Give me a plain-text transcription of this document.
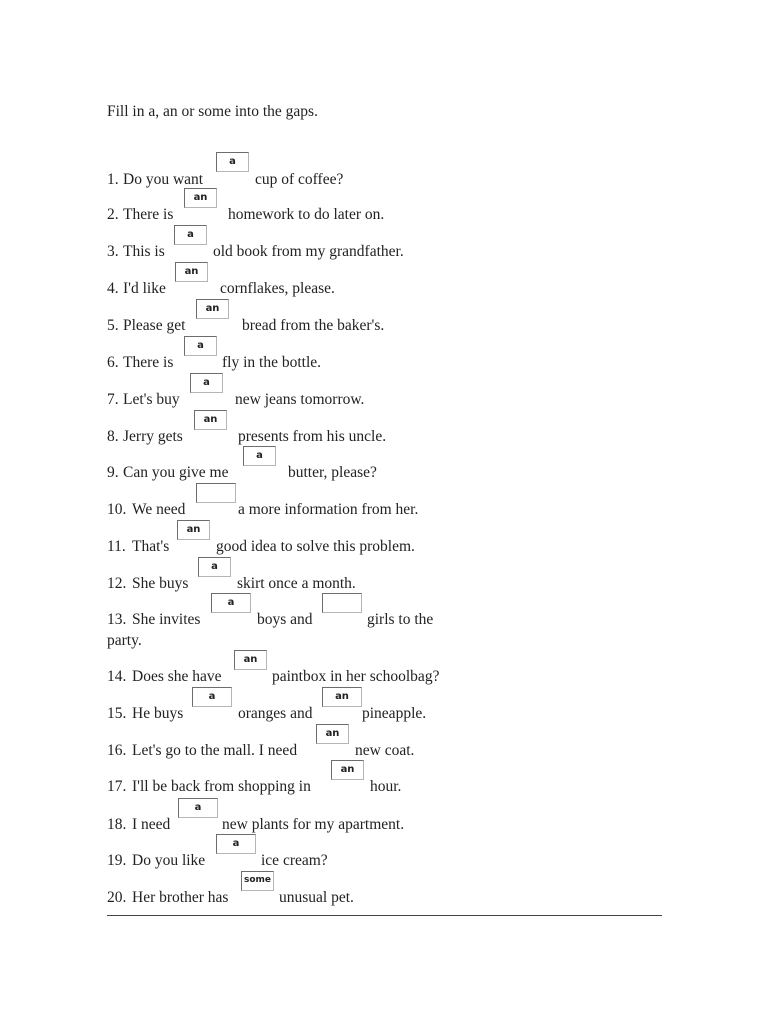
Fill in a, an or some into the gaps.
1. Do you want
a
cup of coffee?
2. There is
an
homework to do later on.
3. This is
a
old book from my grandfather.
4. I'd like
an
cornflakes, please.
5. Please get
an
bread from the baker's.
6. There is
a
fly in the bottle.
7. Let's buy
a
new jeans tomorrow.
8. Jerry gets
an
presents from his uncle.
9. Can you give me
a
butter, please?
10. We need	a more information from her.
11. That's
an
good idea to solve this problem.
12. She buys
a
skirt once a month.
13. She invites
a
boys and	girls to the
party.
14. Does she have
an
paintbox in her schoolbag?
15. He buys
a
oranges and
an
pineapple.
16. Let's go to the mall. I need
an
new coat.
17. I'll be back from shopping in
an
hour.
18. I need
a
new plants for my apartment.
19. Do you like
a
ice cream?
20. Her brother has
some
unusual pet.
